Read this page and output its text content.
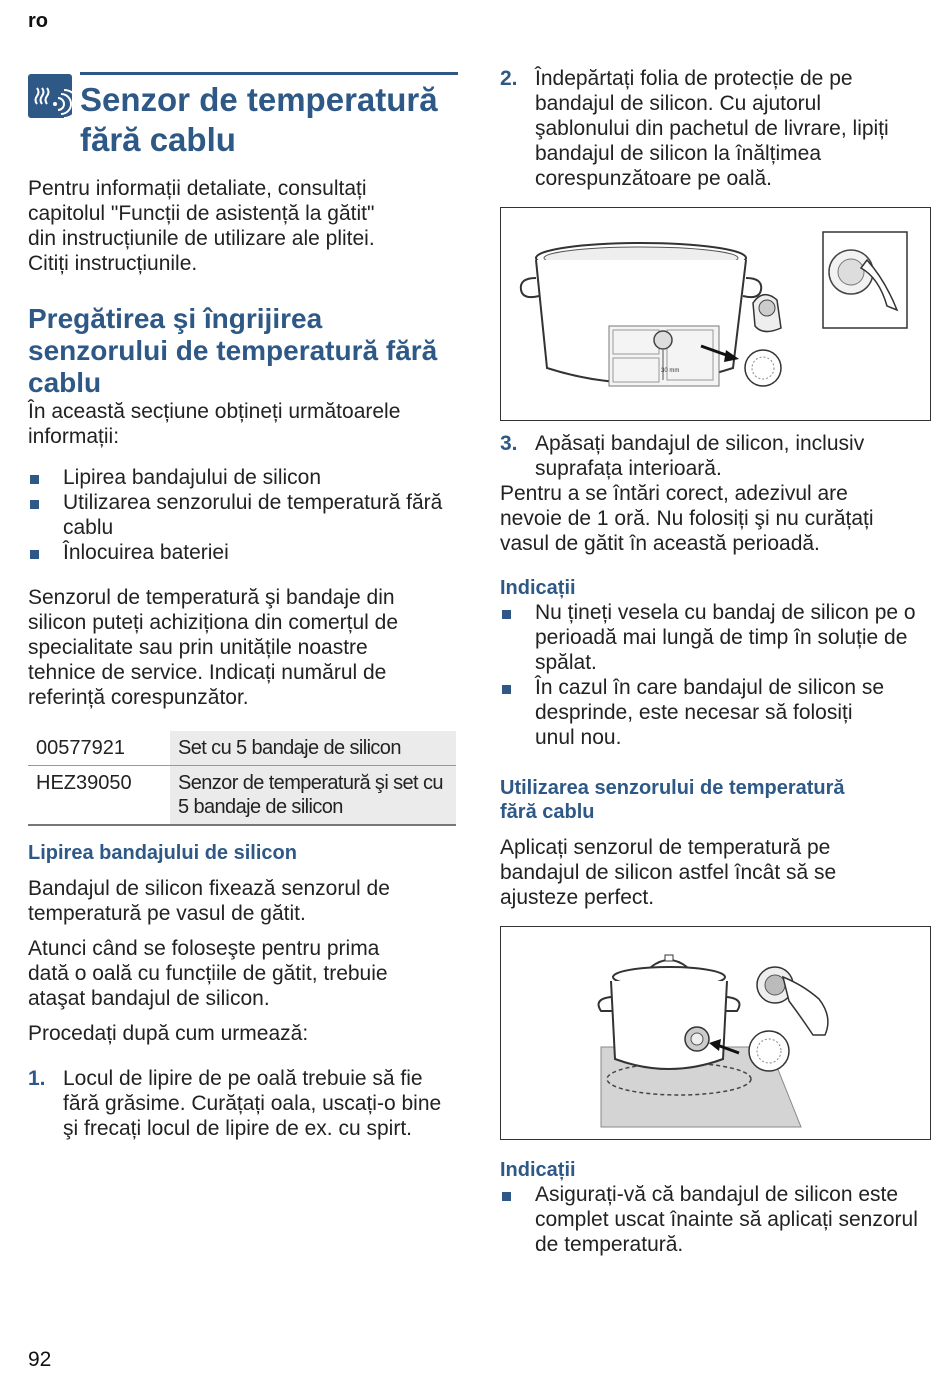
ro
Senzor de temperatură
fără cablu

Pentru informații detaliate, consultați

capitolul "Funcții de asistență la gătit"

din instrucțiunile de utilizare ale plitei.

Citiți instrucțiunile.

Pregătirea şi îngrijirea
senzorului de temperatură fără
cablu

În această secțiune obțineți următoarele

informații:

Lipirea bandajului de silicon
Utilizarea senzorului de temperatură fără cablu
Înlocuirea bateriei

Senzorul de temperatură şi bandaje din

silicon puteți achiziționa din comerțul de

specialitate sau prin unitățile noastre

tehnice de service. Indicați numărul de

referință corespunzător.

00577921	Set cu 5 bandaje de silicon
HEZ39050	Senzor de temperatură şi set cu 5 bandaje de silicon
Lipirea bandajului de silicon

Bandajul de silicon fixează senzorul de

temperatură pe vasul de gătit.

Atunci când se foloseşte pentru prima

dată o oală cu funcțiile de gătit, trebuie

ataşat bandajul de silicon.

Procedați după cum urmează:

1. Locul de lipire de pe oală trebuie să fie fără grăsime. Curățați oala, uscați-o bine şi frecați locul de lipire de ex. cu spirt.
2. Îndepărtați folia de protecție de pe bandajul de silicon. Cu ajutorul şablonului din pachetul de livrare, lipiți bandajul de silicon la înălțimea corespunzătoare pe oală.
30 mm
3. Apăsați bandajul de silicon, inclusiv suprafața interioară.

Pentru a se întări corect, adezivul are

nevoie de 1 oră. Nu folosiți şi nu curățați

vasul de gătit în această perioadă.

Indicații
Nu țineți vesela cu bandaj de silicon pe o perioadă mai lungă de timp în soluție de spălat.
În cazul în care bandajul de silicon se desprinde, este necesar să folosiți unul nou.
Utilizarea senzorului de temperatură
fără cablu

Aplicați senzorul de temperatură pe

bandajul de silicon astfel încât să se

ajusteze perfect.

Indicații
Asigurați-vă că bandajul de silicon este complet uscat înainte să aplicați senzorul de temperatură.
92
